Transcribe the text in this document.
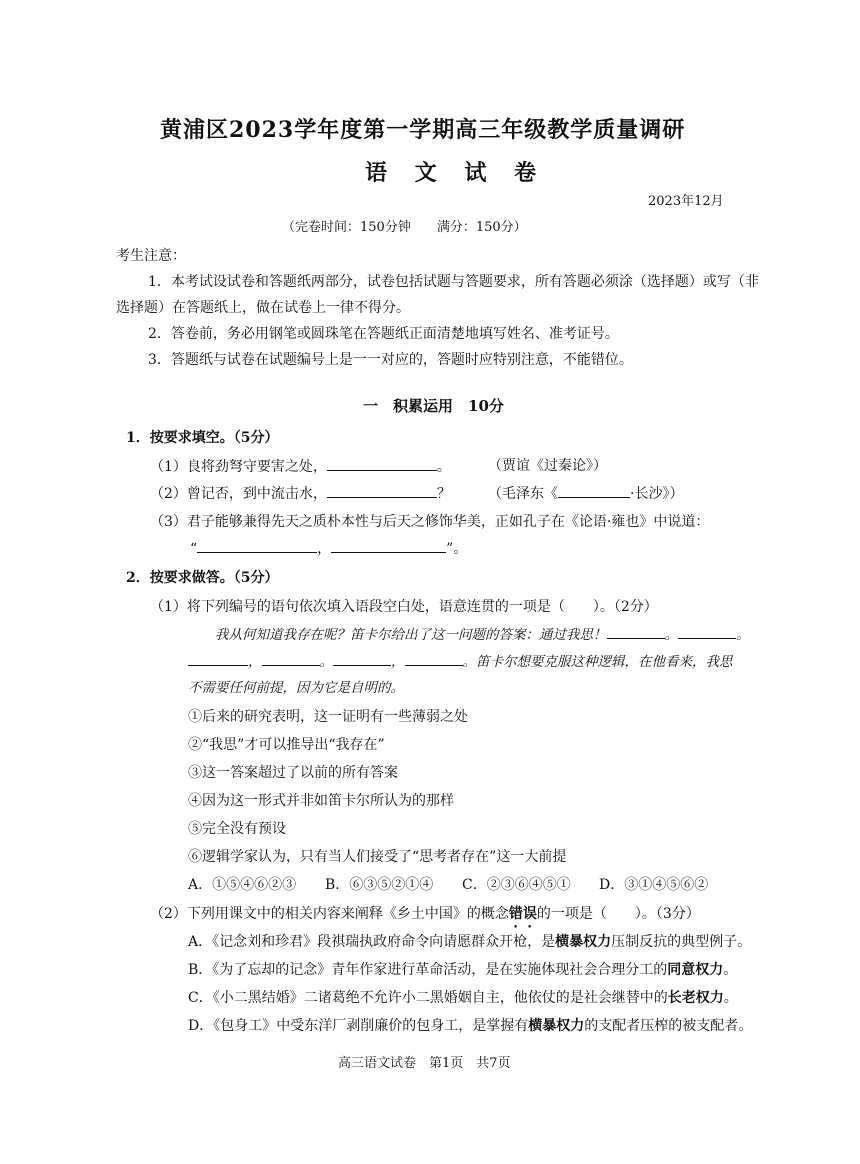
黄浦区2023学年度第一学期高三年级教学质量调研
语 文 试 卷
2023年12月
（完卷时间：150分钟　　满分：150分）
考生注意：
1．本考试设试卷和答题纸两部分，试卷包括试题与答题要求，所有答题必须涂（选择题）或写（非
选择题）在答题纸上，做在试卷上一律不得分。
2．答卷前，务必用钢笔或圆珠笔在答题纸正面清楚地填写姓名、准考证号。
3．答题纸与试卷在试题编号上是一一对应的，答题时应特别注意，不能错位。
一　积累运用　10分
1．按要求填空。（5分）
（1）良将劲弩守要害之处，	。	（贾谊《过秦论》）
（2）曾记否，到中流击水，	？	（毛泽东《	·长沙》）
（3）君子能够兼得先天之质朴本性与后天之修饰华美，正如孔子在《论语·雍也》中说道：
“	，	”。
2．按要求做答。（5分）
（1）将下列编号的语句依次填入语段空白处，语意连贯的一项是（　　）。（2分）
我从何知道我存在呢？笛卡尔给出了这一问题的答案：通过我思！	。	。
，	。	，	。笛卡尔想要克服这种逻辑，在他看来，我思
不需要任何前提，因为它是自明的。
①后来的研究表明，这一证明有一些薄弱之处
②“我思”才可以推导出“我存在”
③这一答案超过了以前的所有答案
④因为这一形式并非如笛卡尔所认为的那样
⑤完全没有预设
⑥逻辑学家认为，只有当人们接受了“思考者存在”这一大前提
A．①⑤④⑥②③ B．⑥③⑤②①④ C．②③⑥④⑤① D．③①④⑤⑥②
（2）下列用课文中的相关内容来阐释《乡土中国》的概念错误的一项是（　　）。（3分）
A．《记念刘和珍君》段祺瑞执政府命令向请愿群众开枪，是横暴权力压制反抗的典型例子。
B．《为了忘却的记念》青年作家进行革命活动，是在实施体现社会合理分工的同意权力。
C．《小二黑结婚》二诸葛绝不允许小二黑婚姻自主，他依仗的是社会继替中的长老权力。
D．《包身工》中受东洋厂剥削廉价的包身工，是掌握有横暴权力的支配者压榨的被支配者。
高三语文试卷　第1页　共7页
